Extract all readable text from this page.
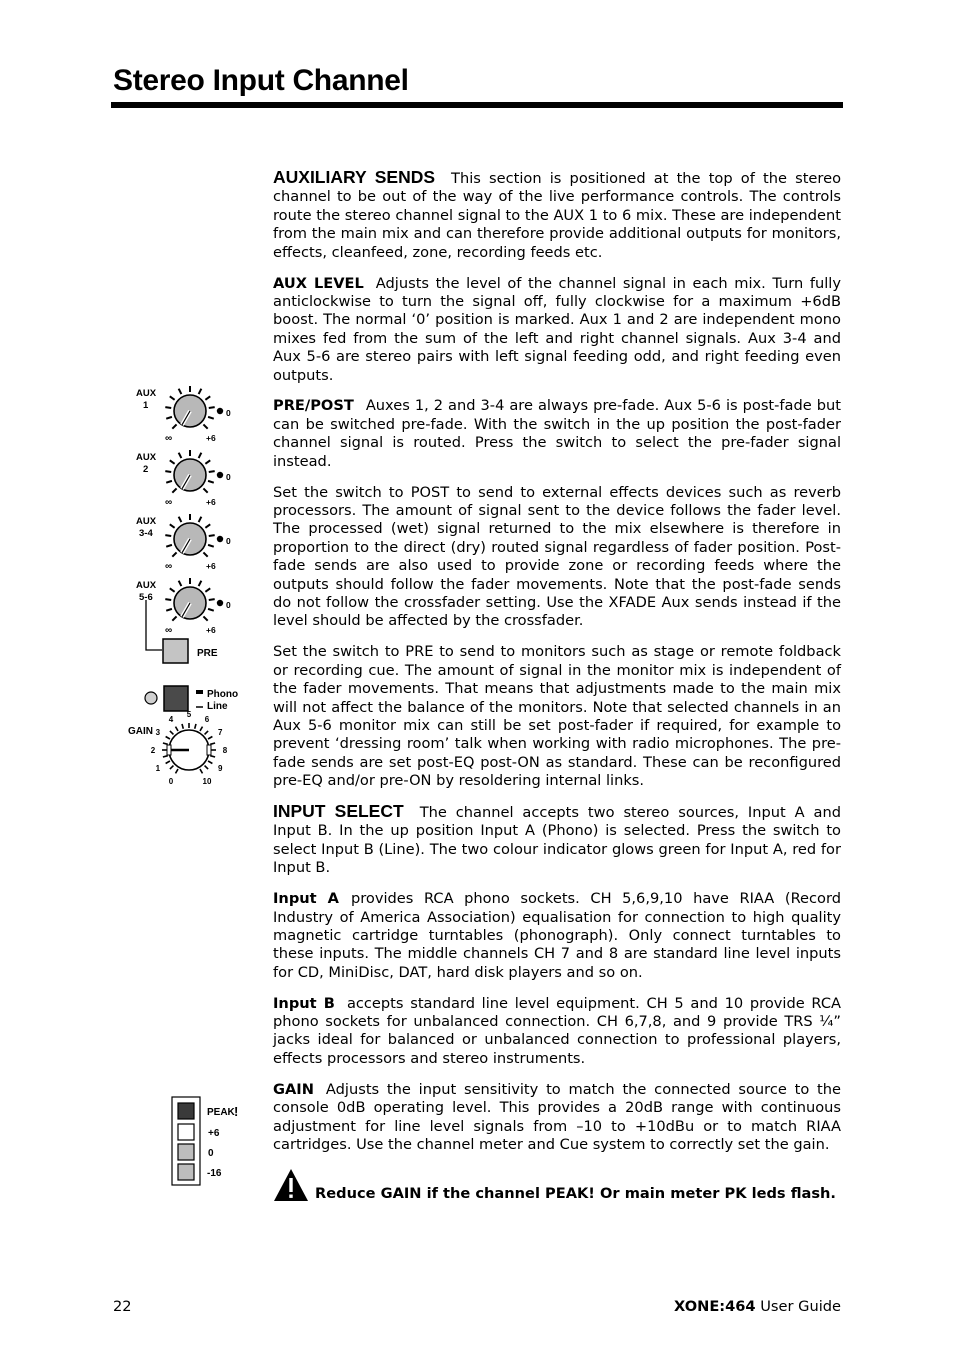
Stereo Input Channel

AUXILIARY SENDS This section is positioned at the top of the stereo channel to be out of the way of the live performance controls. The controls route the stereo channel signal to the AUX 1 to 6 mix. These are independent from the main mix and can therefore provide additional outputs for monitors, effects, cleanfeed, zone, recording feeds etc.

AUX LEVEL Adjusts the level of the channel signal in each mix. Turn fully anticlockwise to turn the signal off, fully clockwise for a maximum +6dB boost. The normal ‘0’ position is marked. Aux 1 and 2 are independent mono mixes fed from the sum of the left and right channel signals. Aux 3-4 and Aux 5-6 are stereo pairs with left signal feeding odd, and right feeding even outputs.

PRE/POST Auxes 1, 2 and 3-4 are always pre-fade. Aux 5-6 is post-fade but can be switched pre-fade. With the switch in the up position the post-fader channel signal is routed. Press the switch to select the pre-fader signal instead.

Set the switch to POST to send to external effects devices such as reverb processors. The amount of signal sent to the device follows the fader level. The processed (wet) signal returned to the mix elsewhere is therefore in proportion to the direct (dry) routed signal regardless of fader position. Post-fade sends are also used to provide zone or recording feeds where the outputs should follow the fader movements. Note that the post-fade sends do not follow the crossfader setting. Use the XFADE Aux sends instead if the level should be affected by the crossfader.

Set the switch to PRE to send to monitors such as stage or remote foldback or recording cue. The amount of signal in the monitor mix is independent of the fader movements. That means that adjustments made to the main mix will not affect the balance of the monitors. Note that selected channels in an Aux 5-6 monitor mix can still be set post-fader if required, for example to prevent ‘dressing room’ talk when working with radio microphones. The pre-fade sends are set post-EQ post-ON as standard. These can be reconfigured pre-EQ and/or pre-ON by resoldering internal links.

INPUT SELECT The channel accepts two stereo sources, Input A and Input B. In the up position Input A (Phono) is selected. Press the switch to select Input B (Line). The two colour indicator glows green for Input A, red for Input B.

Input A provides RCA phono sockets. CH 5,6,9,10 have RIAA (Record Industry of America Association) equalisation for connection to high quality magnetic cartridge turntables (phonograph). Only connect turntables to these inputs. The middle channels CH 7 and 8 are standard line level inputs for CD, MiniDisc, DAT, hard disk players and so on.

Input B accepts standard line level equipment. CH 5 and 10 provide RCA phono sockets for unbalanced connection. CH 6,7,8, and 9 provide TRS ¼” jacks ideal for balanced or unbalanced connection to professional players, effects processors and stereo instruments.

GAIN Adjusts the input sensitivity to match the connected source to the console 0dB operating level. This provides a 20dB range with continuous adjustment for line level signals from –10 to +10dBu or to match RIAA cartridges. Use the channel meter and Cue system to correctly set the gain.

Reduce GAIN if the channel PEAK! Or main meter PK leds flash.
AUX
1
0
∞	+6
AUX
2
0
∞	+6
AUX
3-4
0
∞	+6
AUX
5-6
0
∞	+6
PRE
Phono
Line
GAIN
0
1
2
3
4
5
6
7
8
9
10
PEAK !
+6
0
-16
22	XONE:464 User Guide
